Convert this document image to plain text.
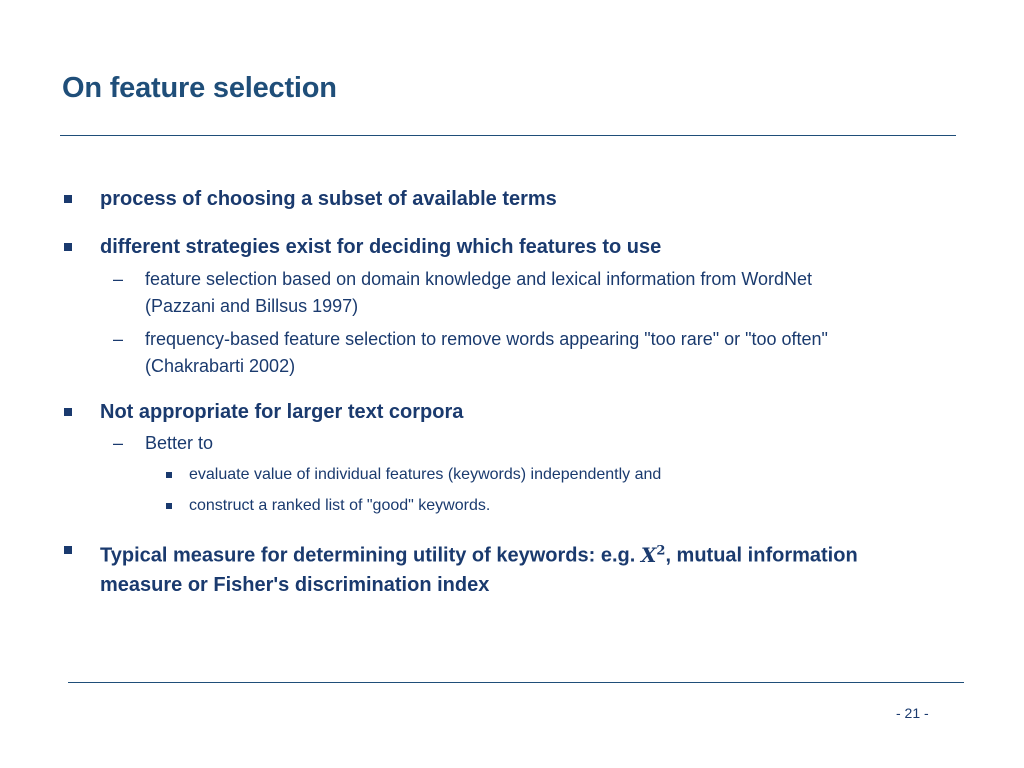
On feature selection
process of choosing a subset of available terms
different strategies exist for deciding which features to use
– feature selection based on domain knowledge and lexical information from WordNet
(Pazzani and Billsus 1997)
– frequency-based feature selection to remove words appearing "too rare" or "too often"
(Chakrabarti 2002)
Not appropriate for larger text corpora
– Better to
evaluate value of individual features (keywords) independently and
construct a ranked list of "good" keywords.
Typical measure for determining utility of keywords: e.g. $X^2$, mutual information
measure or Fisher's discrimination index
- 21 -
